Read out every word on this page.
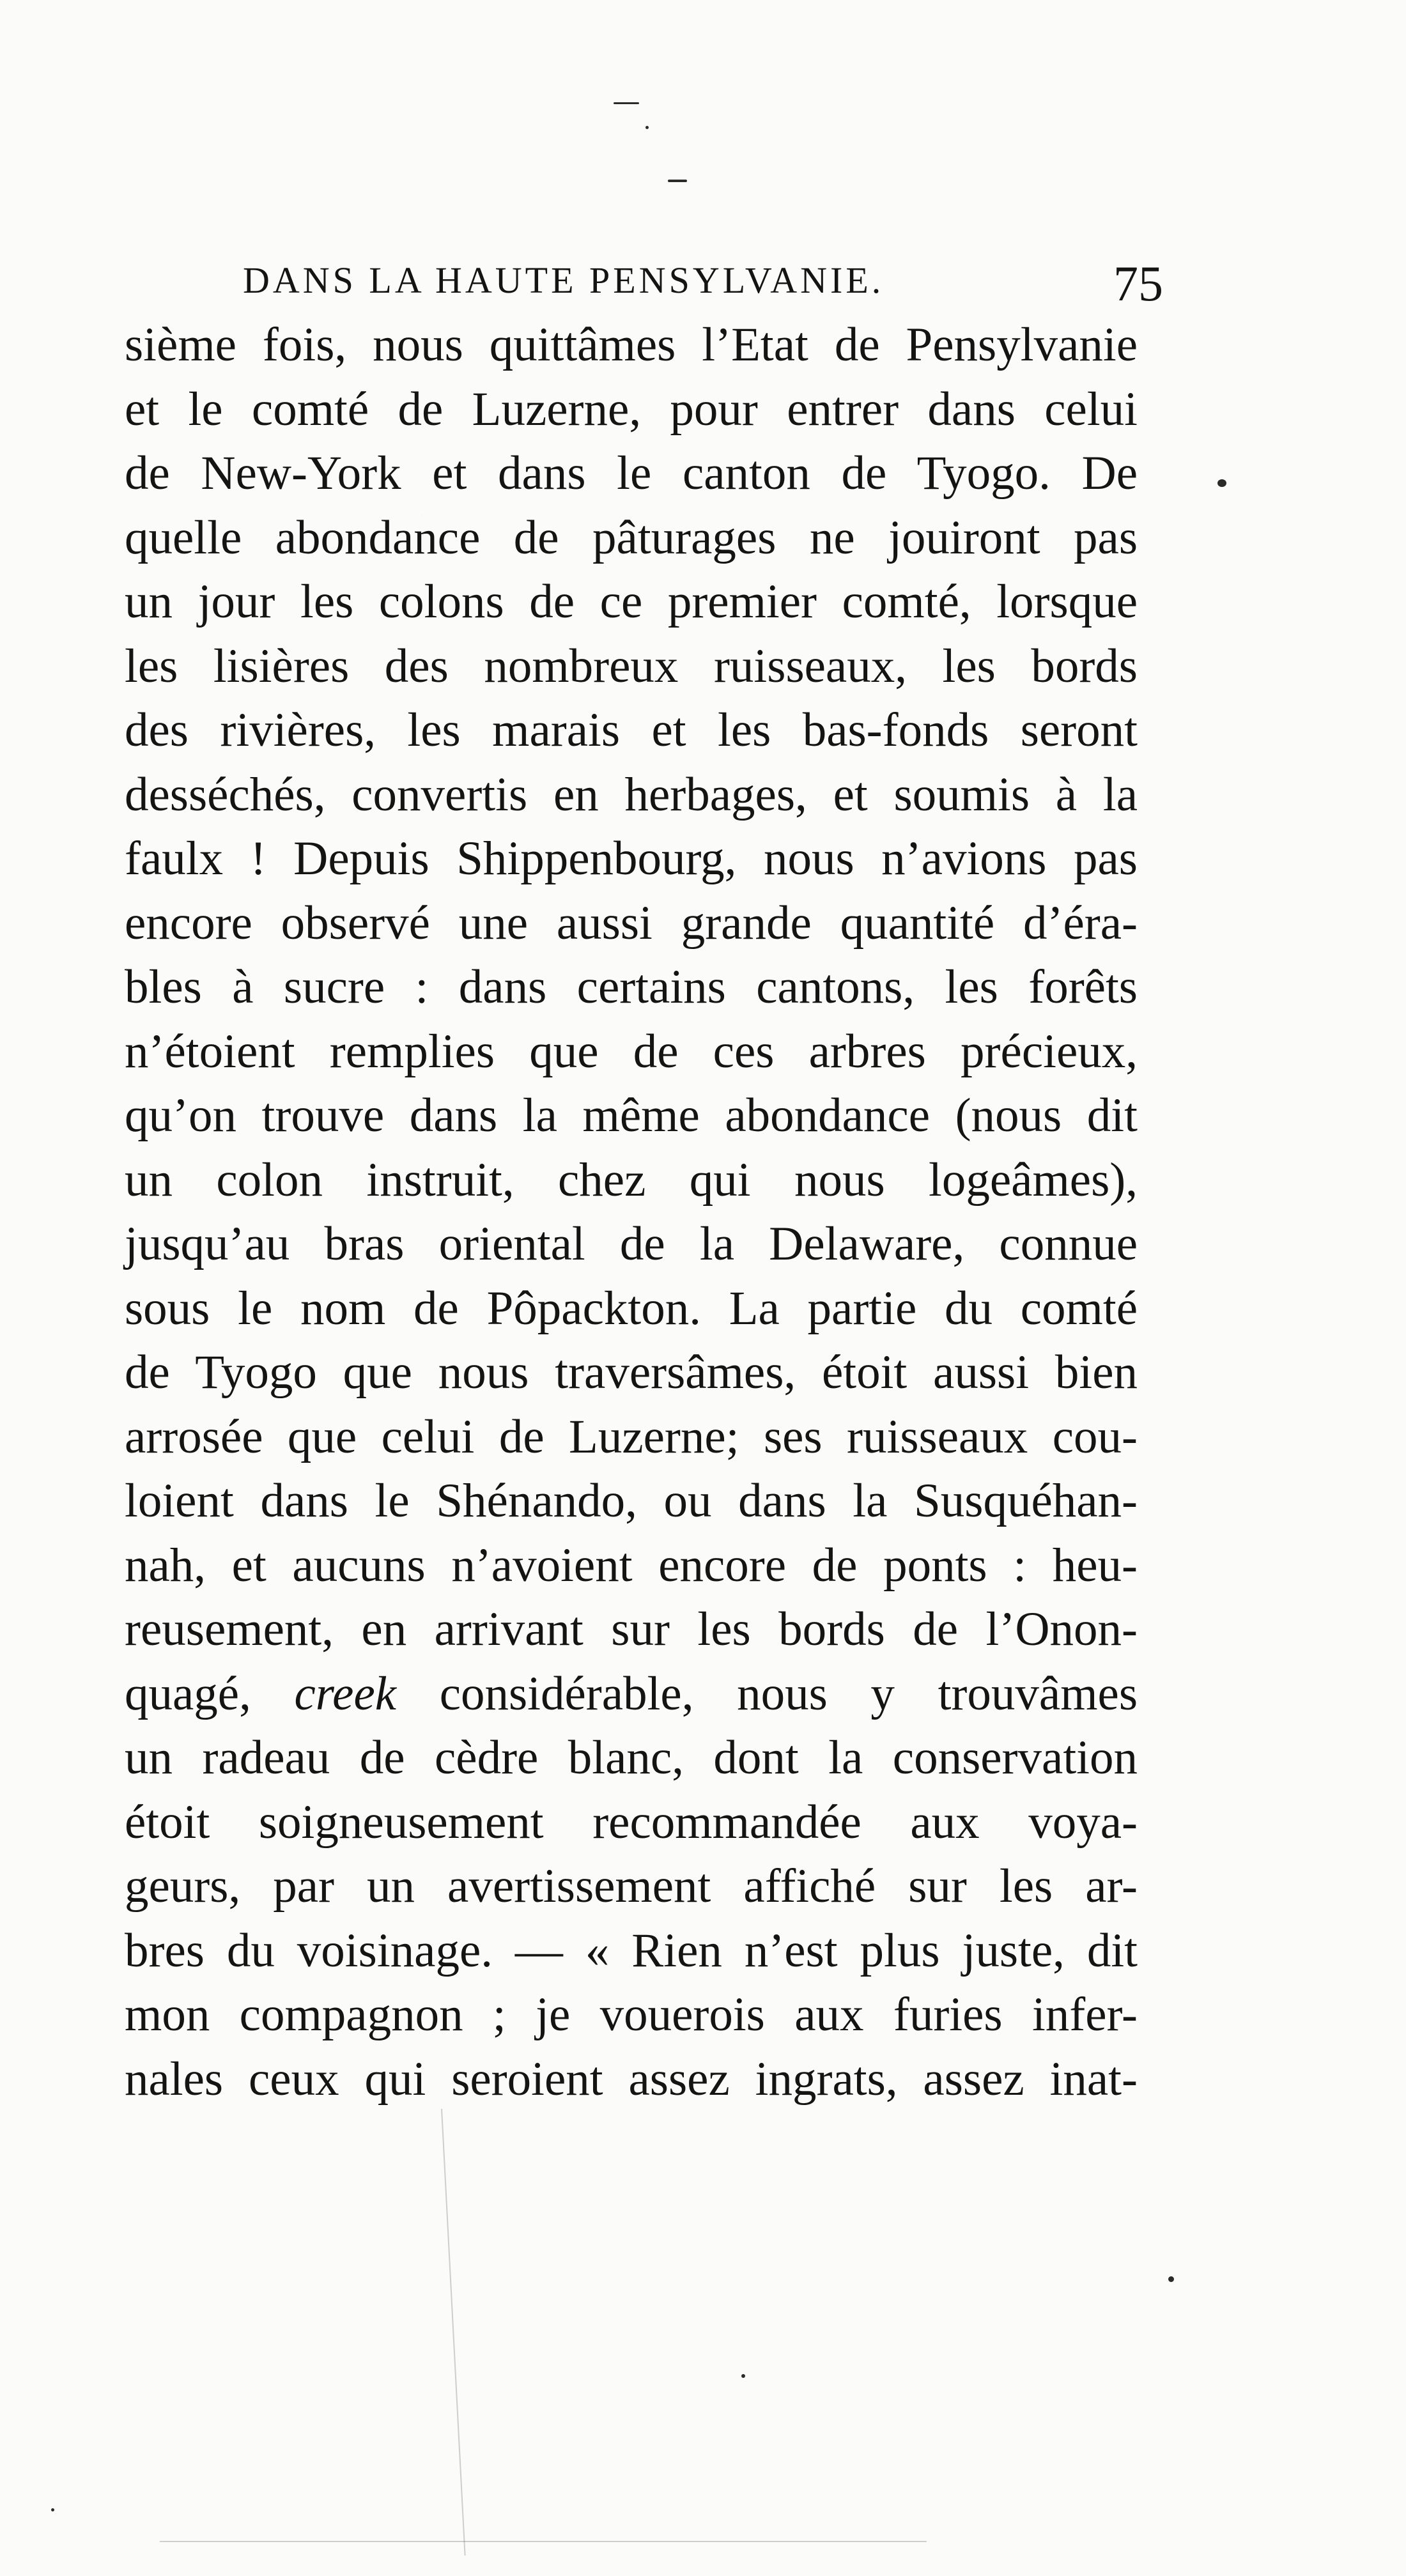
DANS LA HAUTE PENSYLVANIE.	75
sième fois, nous quittâmes l’Etat de Pensylvanie
et le comté de Luzerne, pour entrer dans celui
de New-York et dans le canton de Tyogo. De
quelle abondance de pâturages ne jouiront pas
un jour les colons de ce premier comté, lorsque
les lisières des nombreux ruisseaux, les bords
des rivières, les marais et les bas-fonds seront
desséchés, convertis en herbages, et soumis à la
faulx ! Depuis Shippenbourg, nous n’avions pas
encore observé une aussi grande quantité d’éra-
bles à sucre : dans certains cantons, les forêts
n’étoient remplies que de ces arbres précieux,
qu’on trouve dans la même abondance (nous dit
un colon instruit, chez qui nous logeâmes),
jusqu’au bras oriental de la Delaware, connue
sous le nom de Pôpackton. La partie du comté
de Tyogo que nous traversâmes, étoit aussi bien
arrosée que celui de Luzerne; ses ruisseaux cou-
loient dans le Shénando, ou dans la Susquéhan-
nah, et aucuns n’avoient encore de ponts : heu-
reusement, en arrivant sur les bords de l’Onon-
quagé, creek considérable, nous y trouvâmes
un radeau de cèdre blanc, dont la conservation
étoit soigneusement recommandée aux voya-
geurs, par un avertissement affiché sur les ar-
bres du voisinage. — « Rien n’est plus juste, dit
mon compagnon ; je vouerois aux furies infer-
nales ceux qui seroient assez ingrats, assez inat-
